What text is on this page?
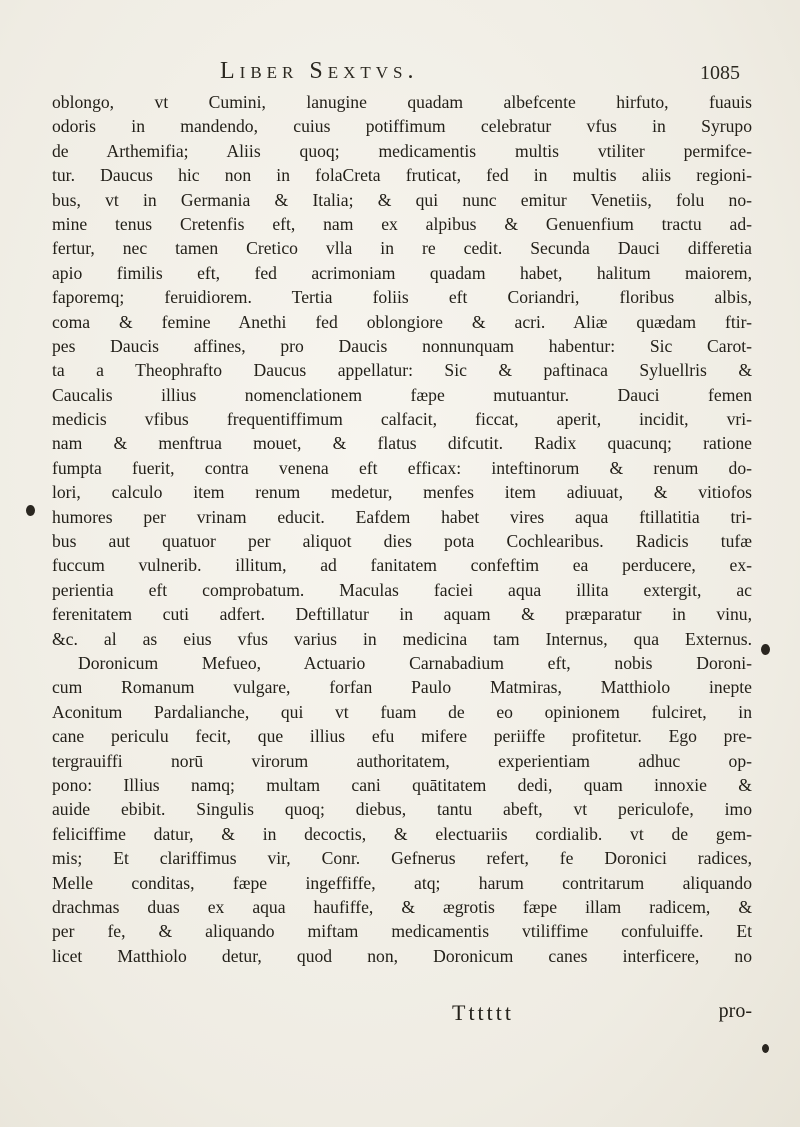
Liber Sextvs.	1085
oblongo, vt Cumini, lanugine quadam albefcente hirfuto, fuauis
odoris in mandendo, cuius potiffimum celebratur vfus in Syrupo
de Arthemifia; Aliis quoq; medicamentis multis vtiliter permifce-
tur. Daucus hic non in folaCreta fruticat, fed in multis aliis regioni-
bus, vt in Germania & Italia; & qui nunc emitur Venetiis, folu no-
mine tenus Cretenfis eft, nam ex alpibus & Genuenfium tractu ad-
fertur, nec tamen Cretico vlla in re cedit. Secunda Dauci differetia
apio fimilis eft, fed acrimoniam quadam habet, halitum maiorem,
faporemq; feruidiorem. Tertia foliis eft Coriandri, floribus albis,
coma & femine Anethi fed oblongiore & acri. Aliæ quædam ftir-
pes Daucis affines, pro Daucis nonnunquam habentur: Sic Carot-
ta a Theophrafto Daucus appellatur: Sic & paftinaca Syluellris &
Caucalis illius nomenclationem fæpe mutuantur. Dauci femen
medicis vfibus frequentiffimum calfacit, ficcat, aperit, incidit, vri-
nam & menftrua mouet, & flatus difcutit. Radix quacunq; ratione
fumpta fuerit, contra venena eft efficax: inteftinorum & renum do-
lori, calculo item renum medetur, menfes item adiuuat, & vitiofos
humores per vrinam educit. Eafdem habet vires aqua ftillatitia tri-
bus aut quatuor per aliquot dies pota Cochlearibus. Radicis tufæ
fuccum vulnerib. illitum, ad fanitatem confeftim ea perducere, ex-
perientia eft comprobatum. Maculas faciei aqua illita extergit, ac
ferenitatem cuti adfert. Deftillatur in aquam & præparatur in vinu,
&c. al as eius vfus varius in medicina tam Internus, qua Externus.
Doronicum Mefueo, Actuario Carnabadium eft, nobis Doroni-
cum Romanum vulgare, forfan Paulo Matmiras, Matthiolo inepte
Aconitum Pardalianche, qui vt fuam de eo opinionem fulciret, in
cane periculu fecit, que illius efu mifere periiffe profitetur. Ego pre-
tergrauiffi norū virorum authoritatem, experientiam adhuc op-
pono: Illius namq; multam cani quātitatem dedi, quam innoxie &
auide ebibit. Singulis quoq; diebus, tantu abeft, vt periculofe, imo
feliciffime datur, & in decoctis, & electuariis cordialib. vt de gem-
mis; Et clariffimus vir, Conr. Gefnerus refert, fe Doronici radices,
Melle conditas, fæpe ingeffiffe, atq; harum contritarum aliquando
drachmas duas ex aqua haufiffe, & ægrotis fæpe illam radicem, &
per fe, & aliquando miftam medicamentis vtiliffime confuluiffe. Et
licet Matthiolo detur, quod non, Doronicum canes interficere, no
Tttttt	pro-
